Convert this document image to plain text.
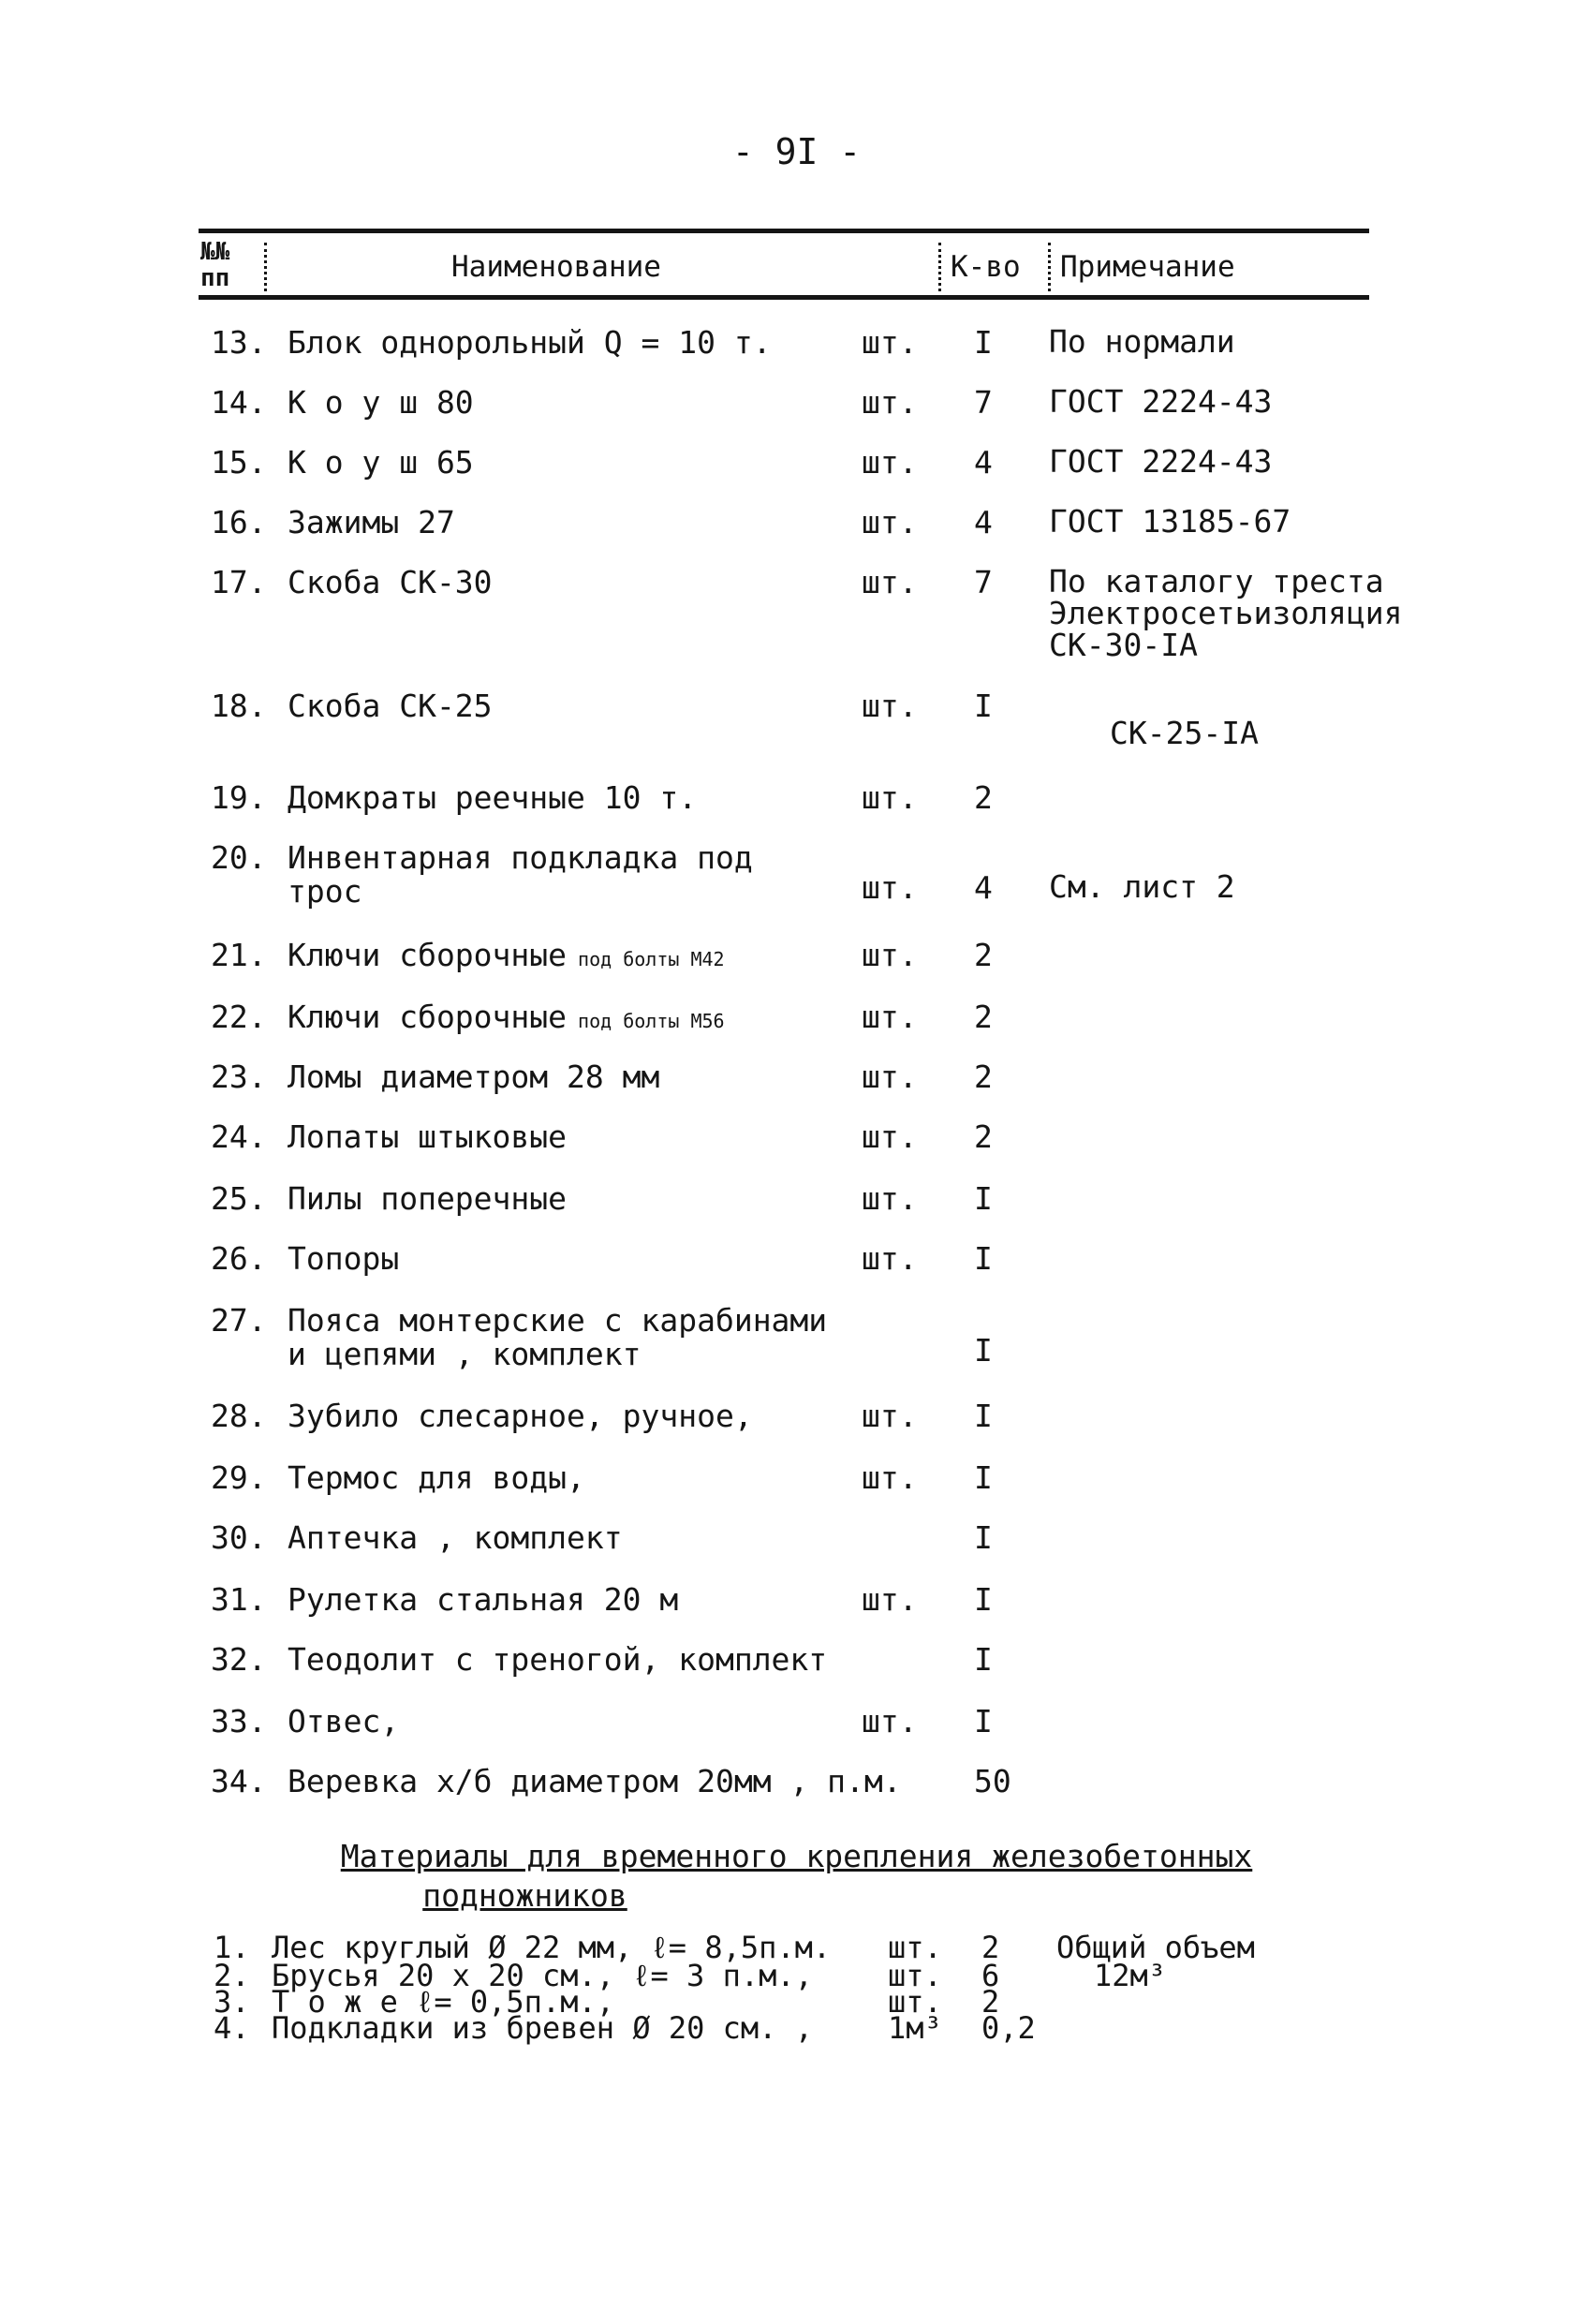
- 9I -
№№
пп	Наименование	К-во Примечание
13. Блок однорольный Q = 10 т.	шт. I По нормали
14. К о у ш 80	шт. 7 ГОСТ 2224-43
15. К о у ш 65	шт. 4 ГОСТ 2224-43
16. Зажимы 27	шт. 4 ГОСТ 13185-67
17. Скоба СК-30	шт. 7 По каталогу треста
Электросетьизоляция
СК-30-IА
18. Скоба СК-25	шт. I
СК-25-IА
19. Домкраты реечные 10 т.	шт. 2
20. Инвентарная подкладка под
трос	шт. 4 См. лист 2
21. Ключи сборочные под болты М42	шт. 2
22. Ключи сборочные под болты М56	шт. 2
23. Ломы диаметром 28 мм	шт. 2
24. Лопаты штыковые	шт. 2
25. Пилы поперечные	шт. I
26. Топоры	шт. I
27. Пояса монтерские с карабинами
и цепями , комплект	I
28. Зубило слесарное, ручное,	шт. I
29. Термос для воды,	шт. I
30. Аптечка , комплект	I
31. Рулетка стальная 20 м	шт. I
32. Теодолит с треногой, комплект	I
33. Отвес,	шт. I
34. Веревка х/б диаметром 20мм , п.м. 50
Материалы для временного крепления железобетонных
подножников
1. Лес круглый Ø 22 мм, ℓ= 8,5п.м. шт. 2 Общий объем
2. Брусья 20 х 20 см., ℓ= 3 п.м.,	шт. 6	12м³
3. Т о ж е ℓ= 0,5п.м.,	шт. 2
4. Подкладки из бревен Ø 20 см. ,	1м³ 0,2
